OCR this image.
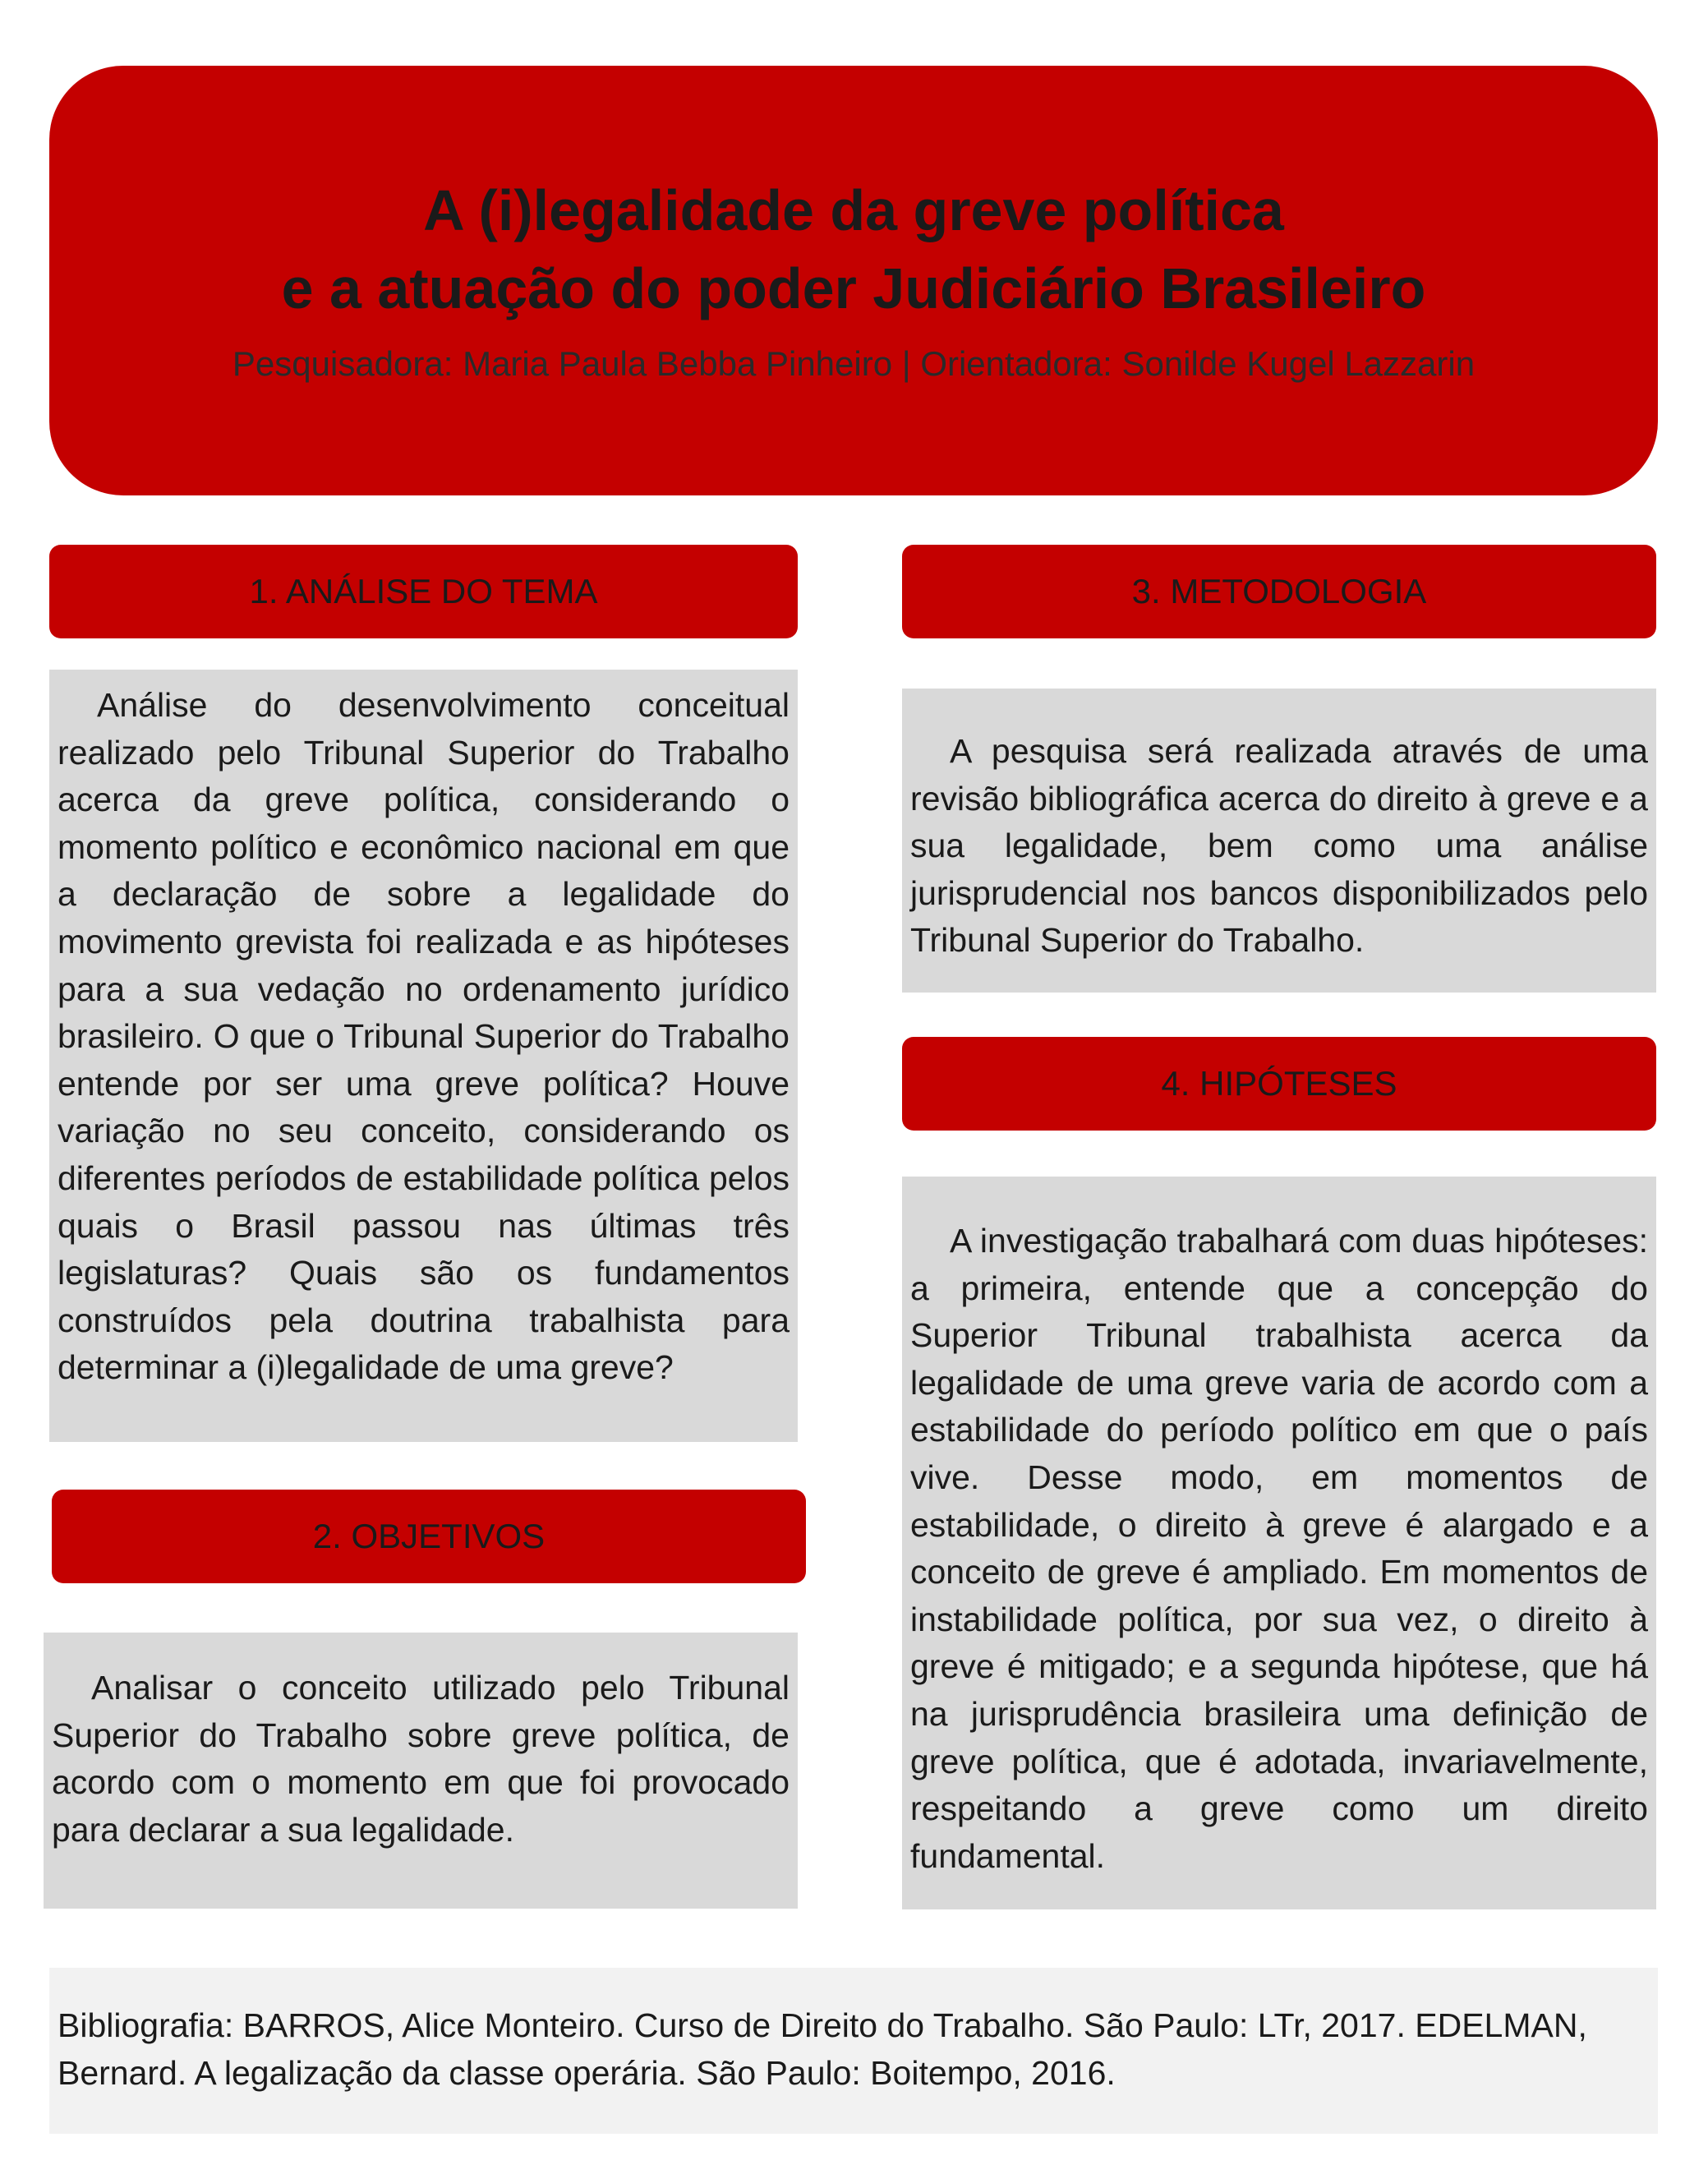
A (i)legalidade da greve política
e a atuação do poder Judiciário Brasileiro
Pesquisadora: Maria Paula Bebba Pinheiro | Orientadora: Sonilde Kugel Lazzarin
1. ANÁLISE DO TEMA

Análise do desenvolvimento conceitual realizado pelo Tribunal Superior do Trabalho acerca da greve política, considerando o momento político e econômico nacional em que a declaração de sobre a legalidade do movimento grevista foi realizada e as hipóteses para a sua vedação no ordenamento jurídico brasileiro. O que o Tribunal Superior do Trabalho entende por ser uma greve política? Houve variação no seu conceito, considerando os diferentes períodos de estabilidade política pelos quais o Brasil passou nas últimas três legislaturas? Quais são os fundamentos construídos pela doutrina trabalhista para determinar a (i)legalidade de uma greve?

2. OBJETIVOS

Analisar o conceito utilizado pelo Tribunal Superior do Trabalho sobre greve política, de acordo com o momento em que foi provocado para declarar a sua legalidade.

3. METODOLOGIA

A pesquisa será realizada através de uma revisão bibliográfica acerca do direito à greve e a sua legalidade, bem como uma análise jurisprudencial nos bancos disponibilizados pelo Tribunal Superior do Trabalho.

4. HIPÓTESES

A investigação trabalhará com duas hipóteses: a primeira, entende que a concepção do Superior Tribunal trabalhista acerca da legalidade de uma greve varia de acordo com a estabilidade do período político em que o país vive. Desse modo, em momentos de estabilidade, o direito à greve é alargado e a conceito de greve é ampliado. Em momentos de instabilidade política, por sua vez, o direito à greve é mitigado; e a segunda hipótese, que há na jurisprudência brasileira uma definição de greve política, que é adotada, invariavelmente, respeitando a greve como um direito fundamental.

Bibliografia: BARROS, Alice Monteiro. Curso de Direito do Trabalho. São Paulo: LTr, 2017. EDELMAN, Bernard. A legalização da classe operária. São Paulo: Boitempo, 2016.
